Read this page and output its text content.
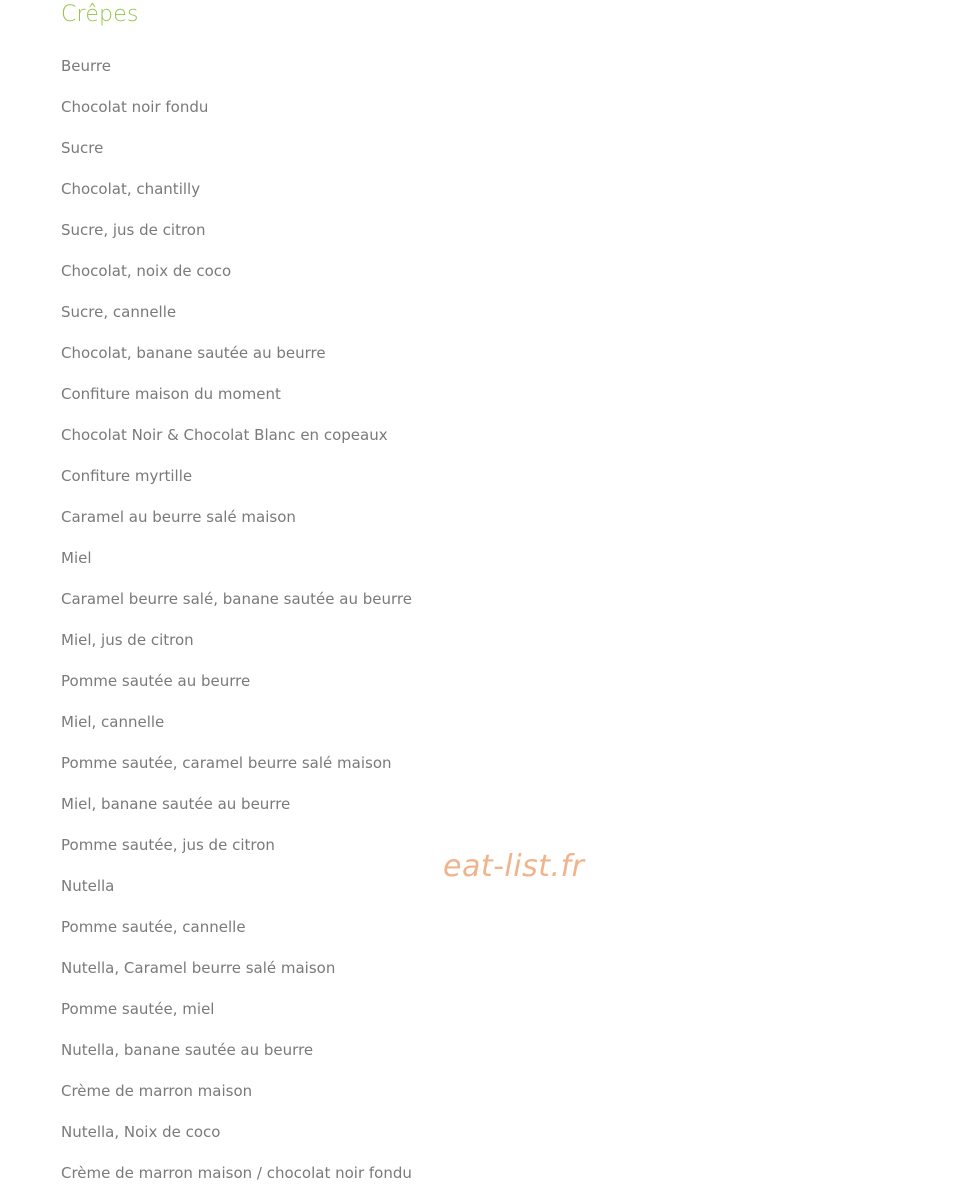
Crêpes
Beurre
Chocolat noir fondu
Sucre
Chocolat, chantilly
Sucre, jus de citron
Chocolat, noix de coco
Sucre, cannelle
Chocolat, banane sautée au beurre
Confiture maison du moment
Chocolat Noir & Chocolat Blanc en copeaux
Confiture myrtille
Caramel au beurre salé maison
Miel
Caramel beurre salé, banane sautée au beurre
Miel, jus de citron
Pomme sautée au beurre
Miel, cannelle
Pomme sautée, caramel beurre salé maison
Miel, banane sautée au beurre
Pomme sautée, jus de citron
Nutella
Pomme sautée, cannelle
Nutella, Caramel beurre salé maison
Pomme sautée, miel
Nutella, banane sautée au beurre
Crème de marron maison
Nutella, Noix de coco
Crème de marron maison / chocolat noir fondu
eat-list.fr
